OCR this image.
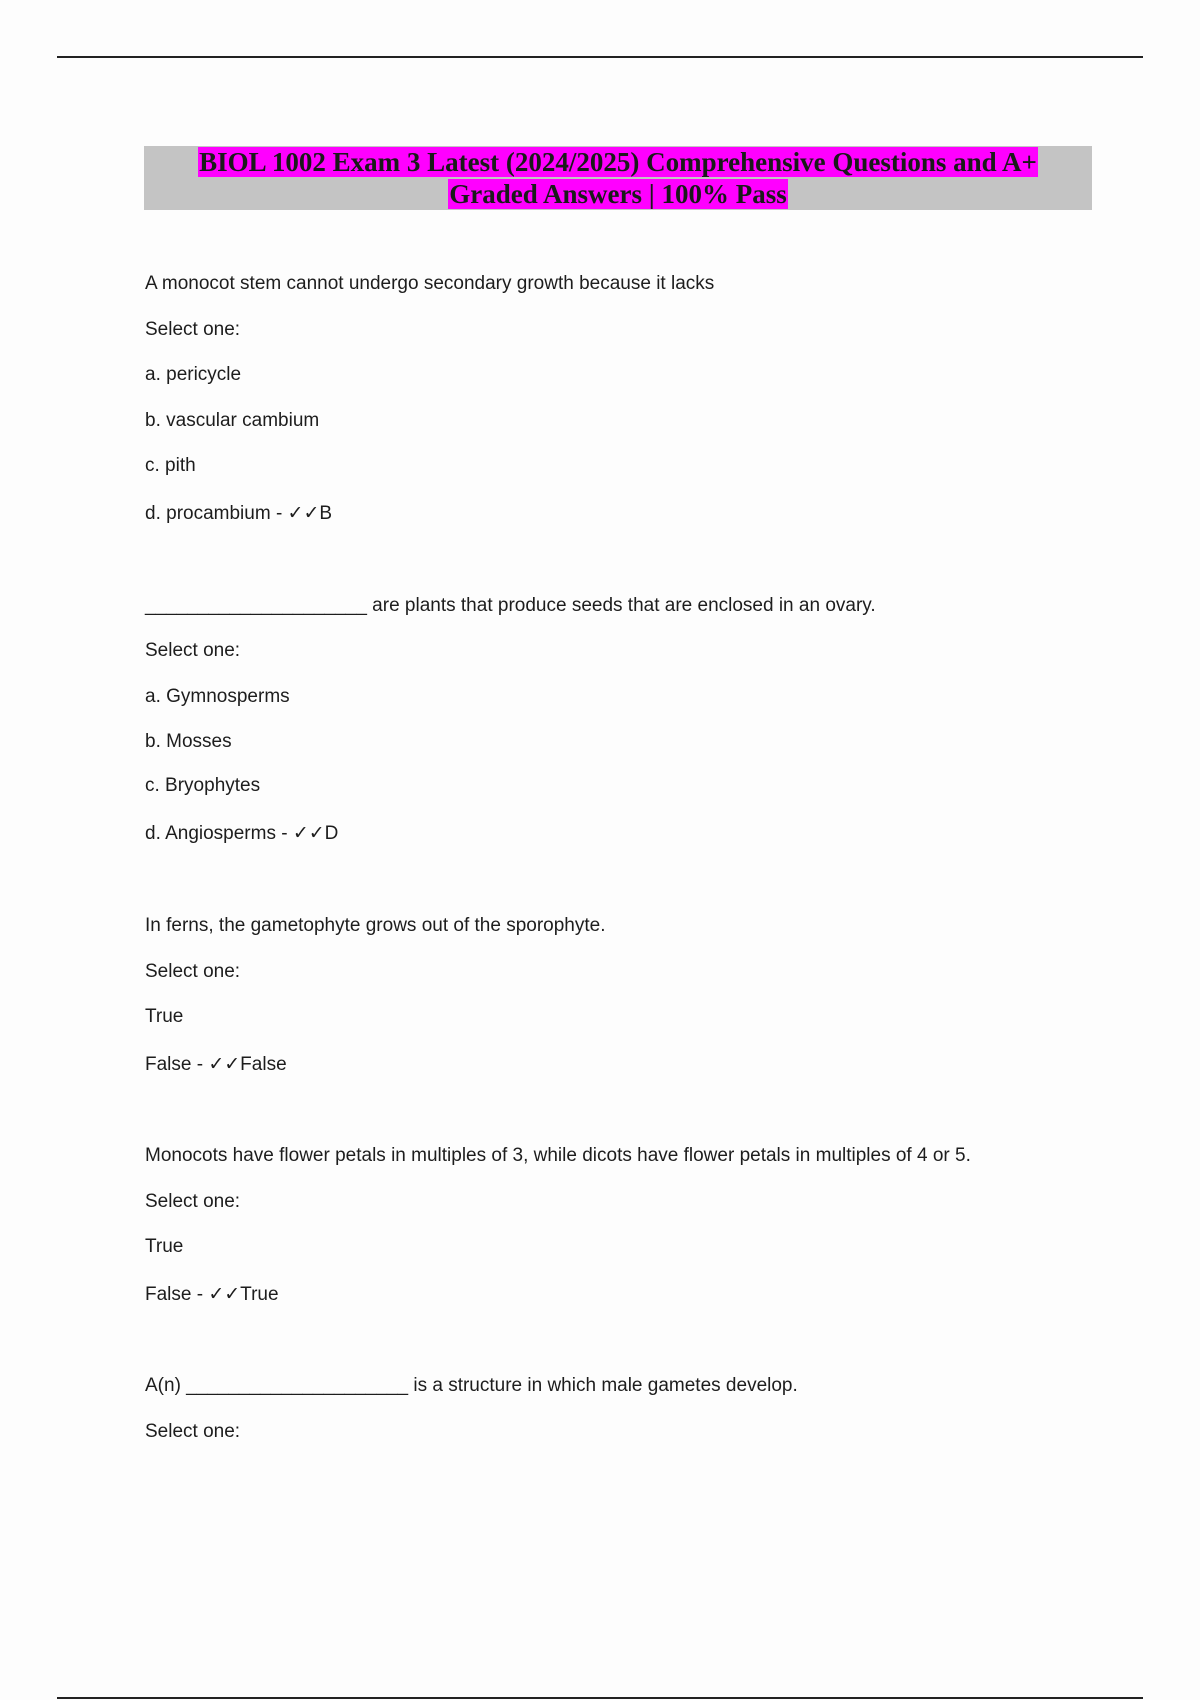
BIOL 1002 Exam 3 Latest (2024/2025) Comprehensive Questions and A+
Graded Answers | 100% Pass
A monocot stem cannot undergo secondary growth because it lacks
Select one:
a. pericycle
b. vascular cambium
c. pith
d. procambium - ✓✓B
_____________________ are plants that produce seeds that are enclosed in an ovary.
Select one:
a. Gymnosperms
b. Mosses
c. Bryophytes
d. Angiosperms - ✓✓D
In ferns, the gametophyte grows out of the sporophyte.
Select one:
True
False - ✓✓False
Monocots have flower petals in multiples of 3, while dicots have flower petals in multiples of 4 or 5.
Select one:
True
False - ✓✓True
A(n) _____________________ is a structure in which male gametes develop.
Select one:
